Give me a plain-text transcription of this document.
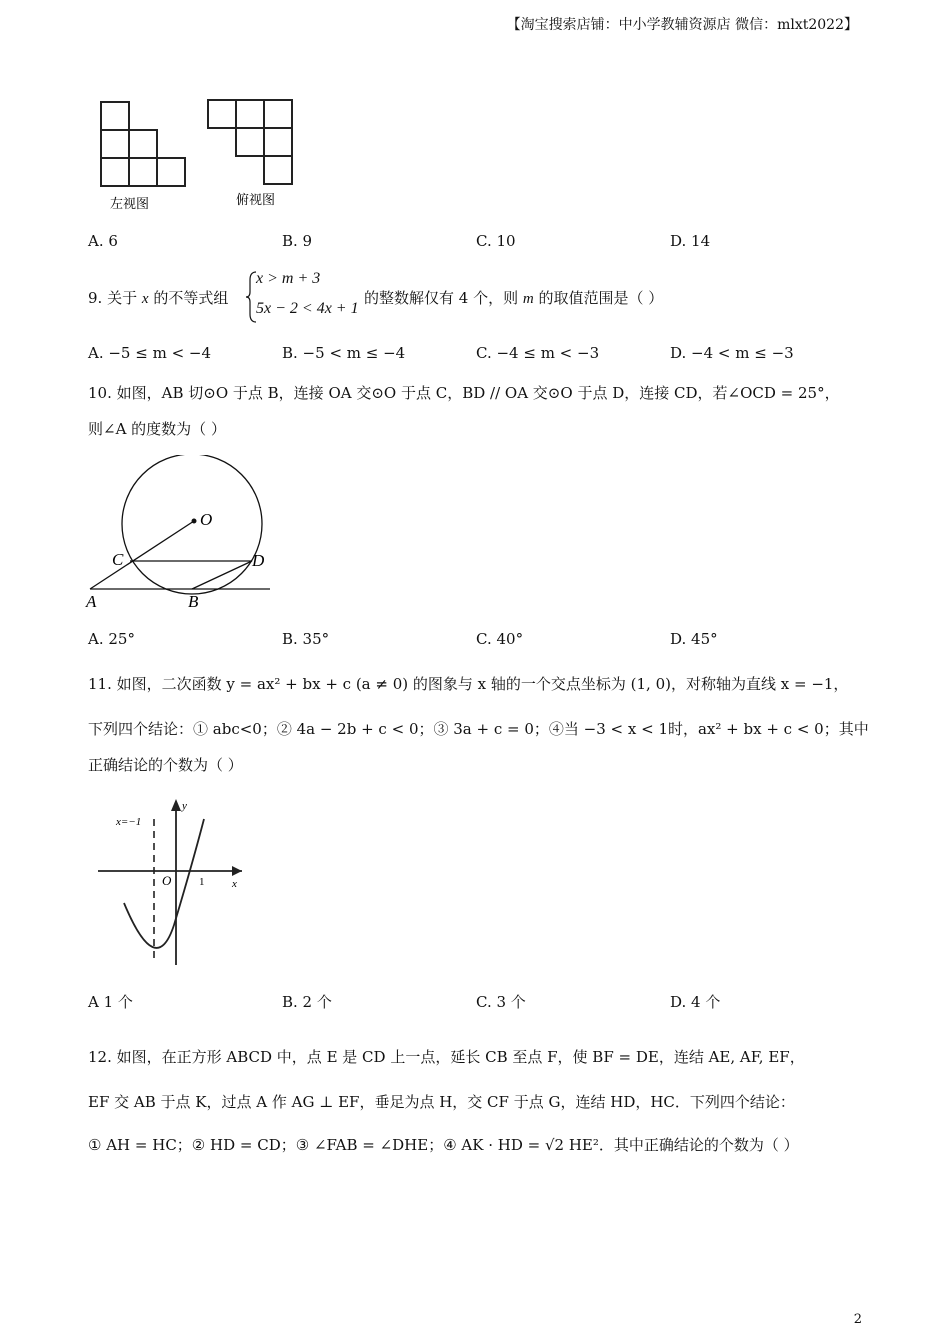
【淘宝搜索店铺：中小学教辅资源店 微信：mlxt2022】
左视图	俯视图
A. 6	B. 9	C. 10	D. 14
9. 关于 x 的不等式组
x > m + 3
5x − 2 < 4x + 1
的整数解仅有 4 个，则 m 的取值范围是（ ）
A. −5 ≤ m < −4	B. −5 < m ≤ −4	C. −4 ≤ m < −3	D. −4 < m ≤ −3
10. 如图，AB 切⊙O 于点 B，连接 OA 交⊙O 于点 C，BD // OA 交⊙O 于点 D，连接 CD，若∠OCD = 25°，
则∠A 的度数为（ ）
O
C	D
A	B
A. 25°	B. 35°	C. 40°	D. 45°
11. 如图，二次函数 y = ax² + bx + c (a ≠ 0) 的图象与 x 轴的一个交点坐标为 (1, 0)，对称轴为直线 x = −1，
下列四个结论：① abc<0；② 4a − 2b + c < 0；③ 3a + c = 0；④当 −3 < x < 1时，ax² + bx + c < 0；其中
正确结论的个数为（ ）
x=−1
y
x
O	1
A 1 个	B. 2 个	C. 3 个	D. 4 个
12. 如图，在正方形 ABCD 中，点 E 是 CD 上一点，延长 CB 至点 F，使 BF = DE，连结 AE, AF, EF，
EF 交 AB 于点 K，过点 A 作 AG ⊥ EF，垂足为点 H，交 CF 于点 G，连结 HD，HC．下列四个结论：
① AH = HC；② HD = CD；③ ∠FAB = ∠DHE；④ AK · HD = √2 HE²．其中正确结论的个数为（ ）
2
